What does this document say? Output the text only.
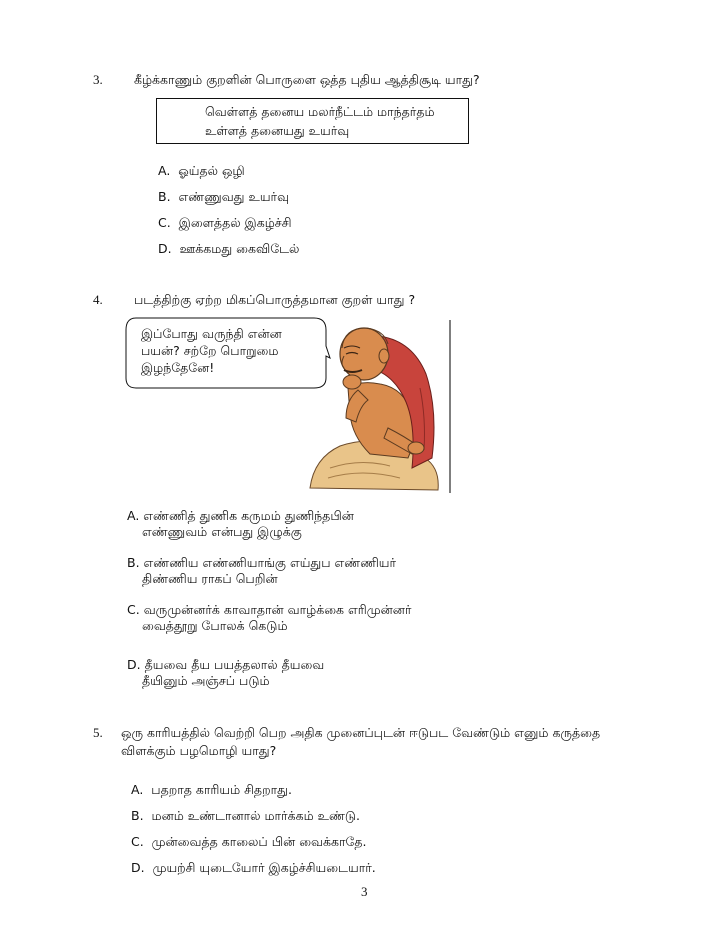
3.	கீழ்க்காணும் குறளின் பொருளை ஒத்த புதிய ஆத்திசூடி யாது?
வெள்ளத் தனைய மலர்நீட்டம் மாந்தர்தம்
உள்ளத் தனையது உயர்வு
A. ஓய்தல் ஒழி
B. எண்ணுவது உயர்வு
C. இளைத்தல் இகழ்ச்சி
D. ஊக்கமது கைவிடேல்
4.	படத்திற்கு ஏற்ற மிகப்பொருத்தமான குறள் யாது ?
இப்போது வருந்தி என்ன
பயன்? சற்றே பொறுமை
இழந்தேனே!
A. எண்ணித் துணிக கருமம் துணிந்தபின்
எண்ணுவம் என்பது இழுக்கு
B. எண்ணிய எண்ணியாங்கு எய்துப எண்ணியர்
திண்ணிய ராகப் பெறின்
C. வருமுன்னர்க் காவாதான் வாழ்க்கை எரிமுன்னர்
வைத்தூறு போலக் கெடும்
D. தீயவை தீய பயத்தலால் தீயவை
தீயினும் அஞ்சப் படும்
5. ஒரு காரியத்தில் வெற்றி பெற அதிக முனைப்புடன் ஈடுபட வேண்டும் எனும் கருத்தை
விளக்கும் பழமொழி யாது?
A. பதறாத காரியம் சிதறாது.
B. மனம் உண்டானால் மார்க்கம் உண்டு.
C. முன்வைத்த காலைப் பின் வைக்காதே.
D. முயற்சி யுடையோர் இகழ்ச்சியடையார்.
3
